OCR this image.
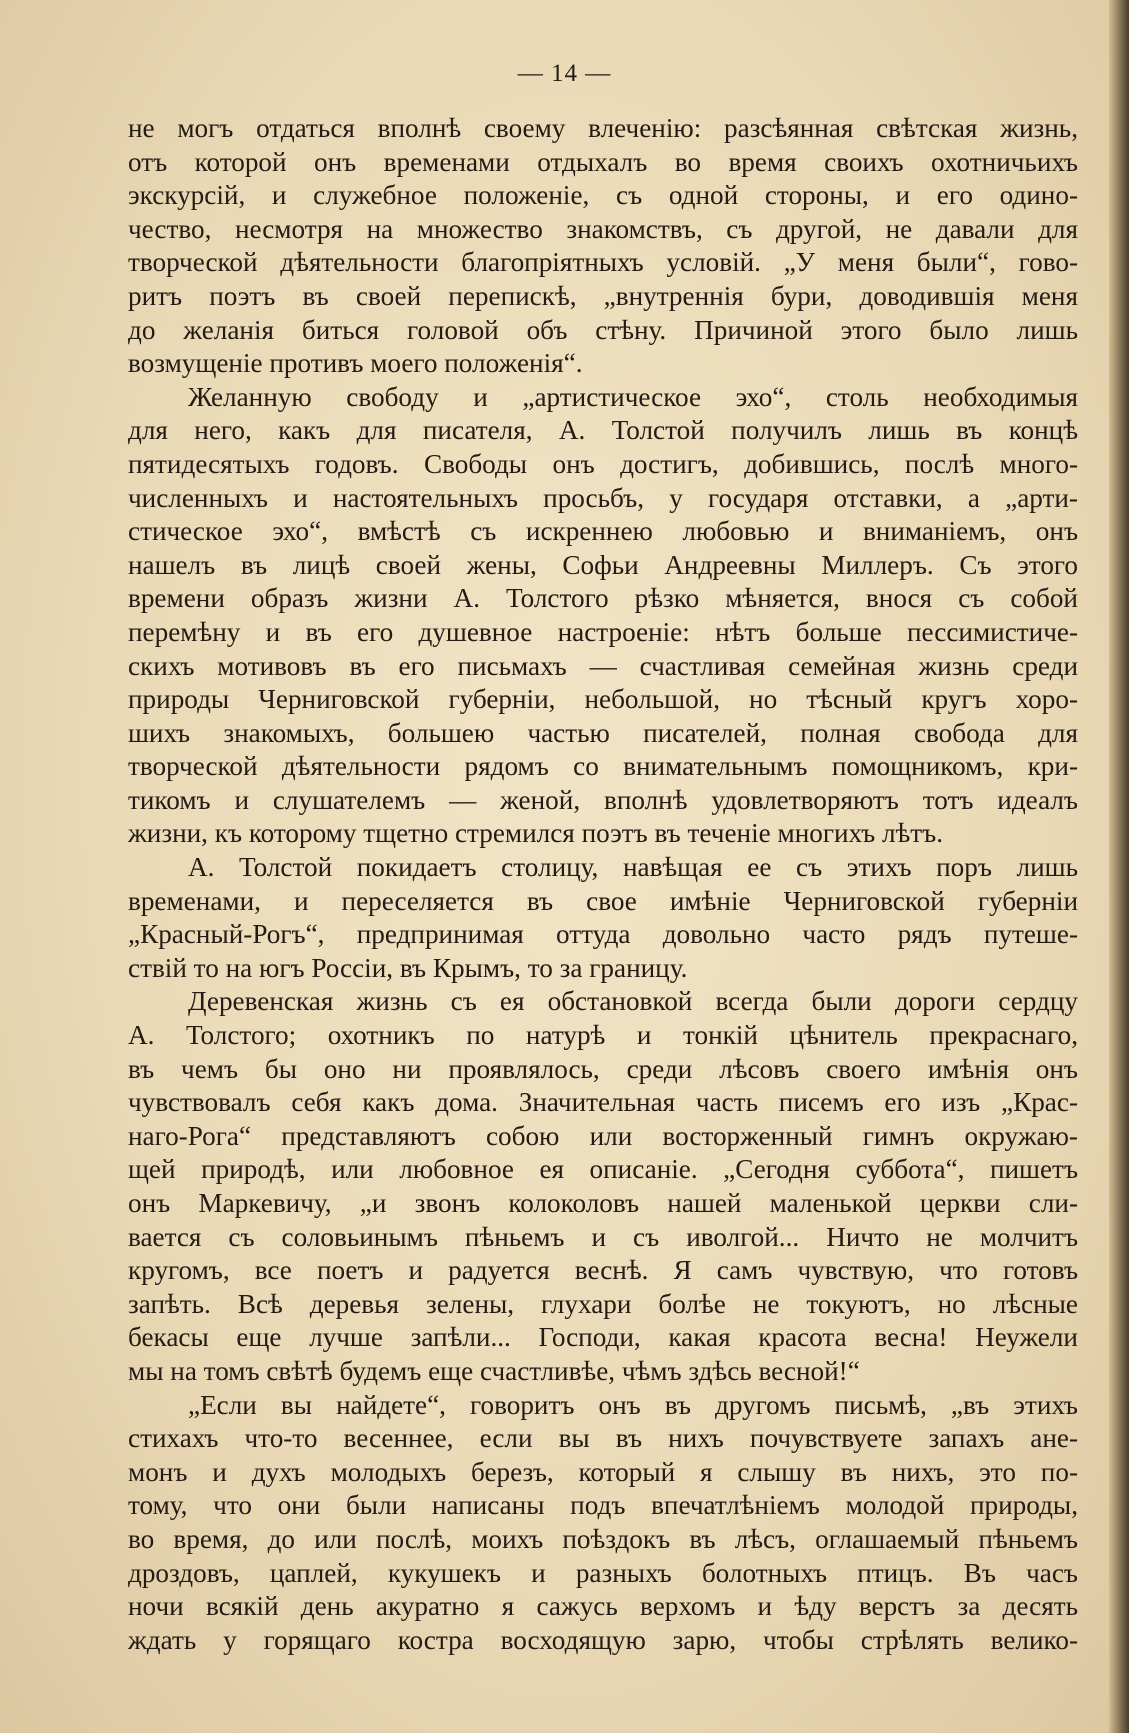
— 14 —
не могъ отдаться вполнѣ своему влеченію: разсѣянная свѣтская жизнь,
отъ которой онъ временами отдыхалъ во время своихъ охотничьихъ
экскурсій, и служебное положеніе, съ одной стороны, и его одино-
чество, несмотря на множество знакомствъ, съ другой, не давали для
творческой дѣятельности благопріятныхъ условій. „У меня были“, гово-
ритъ поэтъ въ своей перепискѣ, „внутреннія бури, доводившія меня
до желанія биться головой объ стѣну. Причиной этого было лишь
возмущеніе противъ моего положенія“.
Желанную свободу и „артистическое эхо“, столь необходимыя
для него, какъ для писателя, А. Толстой получилъ лишь въ концѣ
пятидесятыхъ годовъ. Свободы онъ достигъ, добившись, послѣ много-
численныхъ и настоятельныхъ просьбъ, у государя отставки, а „арти-
стическое эхо“, вмѣстѣ съ искреннею любовью и вниманіемъ, онъ
нашелъ въ лицѣ своей жены, Софьи Андреевны Миллеръ. Съ этого
времени образъ жизни А. Толстого рѣзко мѣняется, внося съ собой
перемѣну и въ его душевное настроеніе: нѣтъ больше пессимистиче-
скихъ мотивовъ въ его письмахъ — счастливая семейная жизнь среди
природы Черниговской губерніи, небольшой, но тѣсный кругъ хоро-
шихъ знакомыхъ, большею частью писателей, полная свобода для
творческой дѣятельности рядомъ со внимательнымъ помощникомъ, кри-
тикомъ и слушателемъ — женой, вполнѣ удовлетворяютъ тотъ идеалъ
жизни, къ которому тщетно стремился поэтъ въ теченіе многихъ лѣтъ.
А. Толстой покидаетъ столицу, навѣщая ее съ этихъ поръ лишь
временами, и переселяется въ свое имѣніе Черниговской губерніи
„Красный-Рогъ“, предпринимая оттуда довольно часто рядъ путеше-
ствій то на югъ Россіи, въ Крымъ, то за границу.
Деревенская жизнь съ ея обстановкой всегда были дороги сердцу
А. Толстого; охотникъ по натурѣ и тонкій цѣнитель прекраснаго,
въ чемъ бы оно ни проявлялось, среди лѣсовъ своего имѣнія онъ
чувствовалъ себя какъ дома. Значительная часть писемъ его изъ „Крас-
наго-Рога“ представляютъ собою или восторженный гимнъ окружаю-
щей природѣ, или любовное ея описаніе. „Сегодня суббота“, пишетъ
онъ Маркевичу, „и звонъ колоколовъ нашей маленькой церкви сли-
вается съ соловьинымъ пѣньемъ и съ иволгой... Ничто не молчитъ
кругомъ, все поетъ и радуется веснѣ. Я самъ чувствую, что готовъ
запѣть. Всѣ деревья зелены, глухари болѣе не токуютъ, но лѣсные
бекасы еще лучше запѣли... Господи, какая красота весна! Неужели
мы на томъ свѣтѣ будемъ еще счастливѣе, чѣмъ здѣсь весной!“
„Если вы найдете“, говоритъ онъ въ другомъ письмѣ, „въ этихъ
стихахъ что-то весеннее, если вы въ нихъ почувствуете запахъ ане-
монъ и духъ молодыхъ березъ, который я слышу въ нихъ, это по-
тому, что они были написаны подъ впечатлѣніемъ молодой природы,
во время, до или послѣ, моихъ поѣздокъ въ лѣсъ, оглашаемый пѣньемъ
дроздовъ, цаплей, кукушекъ и разныхъ болотныхъ птицъ. Въ часъ
ночи всякій день акуратно я сажусь верхомъ и ѣду верстъ за десять
ждать у горящаго костра восходящую зарю, чтобы стрѣлять велико-
